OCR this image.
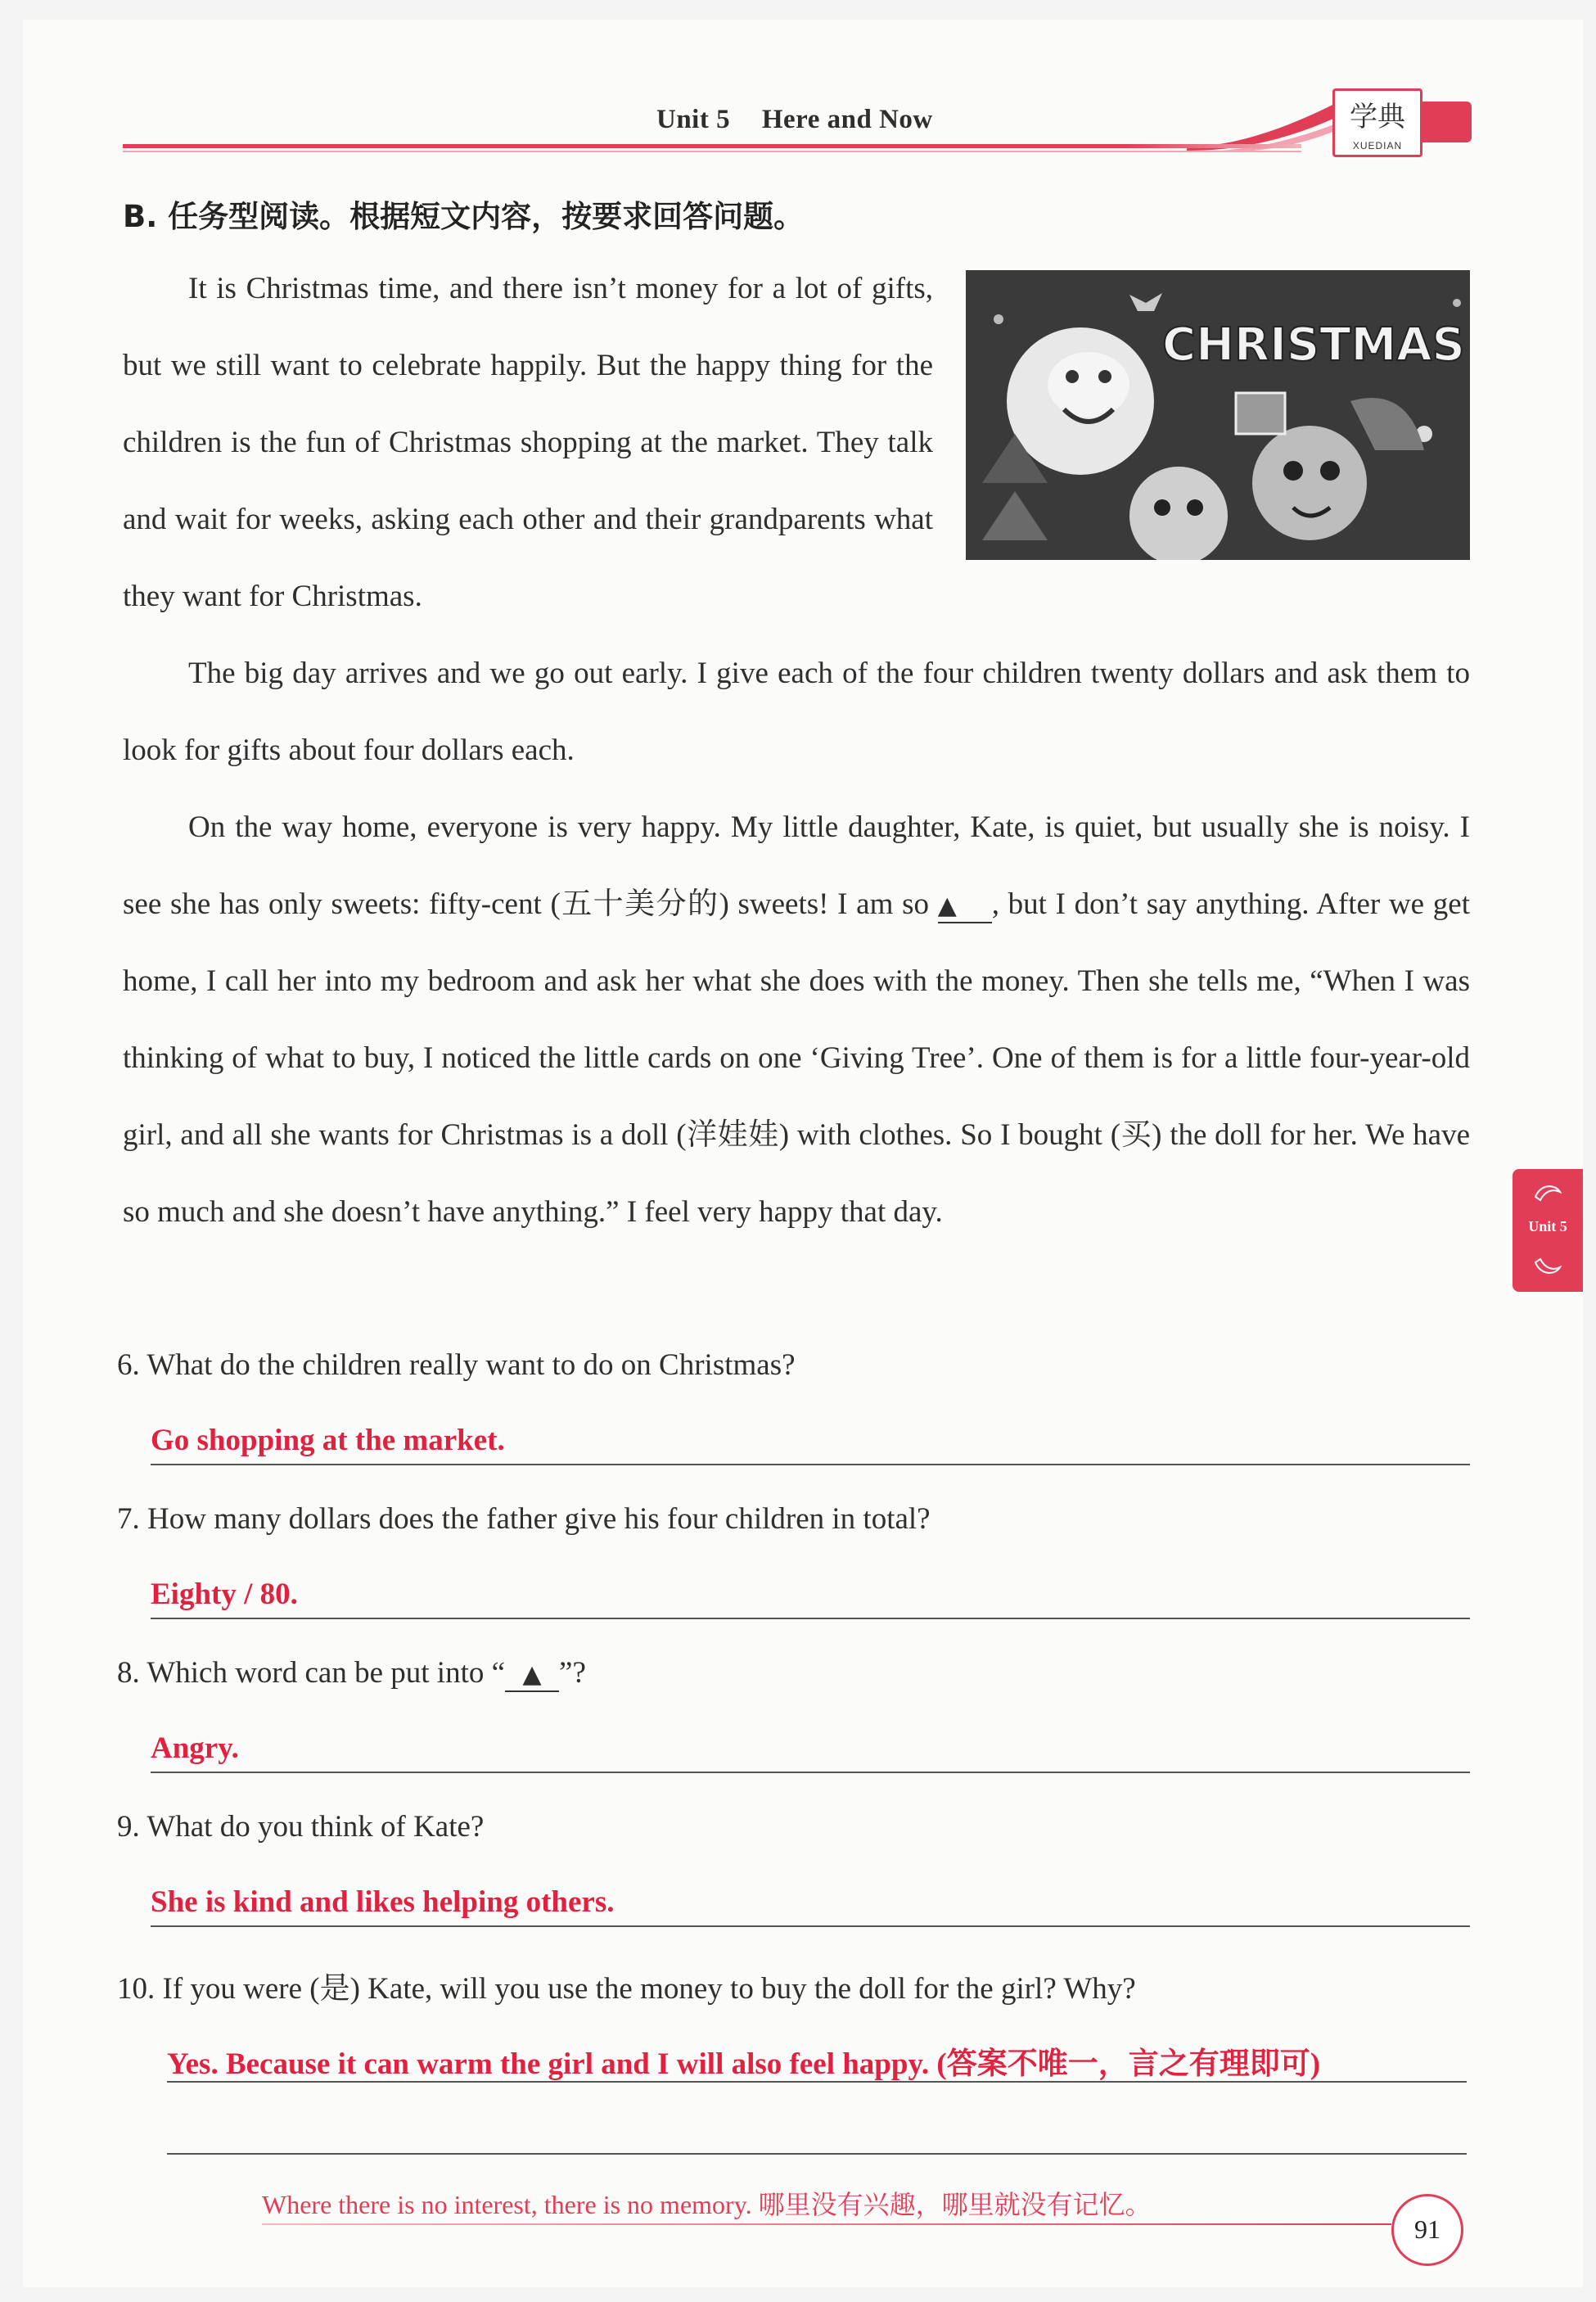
Unit 5 Here and Now	学典
XUEDIAN
B. 任务型阅读。根据短文内容，按要求回答问题。
CHRISTMAS
It is Christmas time, and there isn’t money for a lot of gifts, but we still want to celebrate happily. But the happy thing for the children is the fun of Christmas shopping at the market. They talk and wait for weeks, asking each other and their grandparents what they want for Christmas.
The big day arrives and we go out early. I give each of the four children twenty dollars and ask them to look for gifts about four dollars each.
On the way home, everyone is very happy. My little daughter, Kate, is quiet, but usually she is noisy. I see she has only sweets: fifty-cent (五十美分的) sweets! I am so ▲ , but I don’t say anything. After we get home, I call her into my bedroom and ask her what she does with the money. Then she tells me, “When I was thinking of what to buy, I noticed the little cards on one ‘Giving Tree’. One of them is for a little four-year-old girl, and all she wants for Christmas is a doll (洋娃娃) with clothes. So I bought (买) the doll for her. We have so much and she doesn’t have anything.” I feel very happy that day.
6. What do the children really want to do on Christmas?
Go shopping at the market.
7. How many dollars does the father give his four children in total?
Eighty / 80.
8. Which word can be put into “ ▲ ”?
Angry.
9. What do you think of Kate?
She is kind and likes helping others.
10. If you were (是) Kate, will you use the money to buy the doll for the girl? Why?
Yes. Because it can warm the girl and I will also feel happy. (答案不唯一，言之有理即可)
Where there is no interest, there is no memory. 哪里没有兴趣，哪里就没有记忆。
91
Unit 5
